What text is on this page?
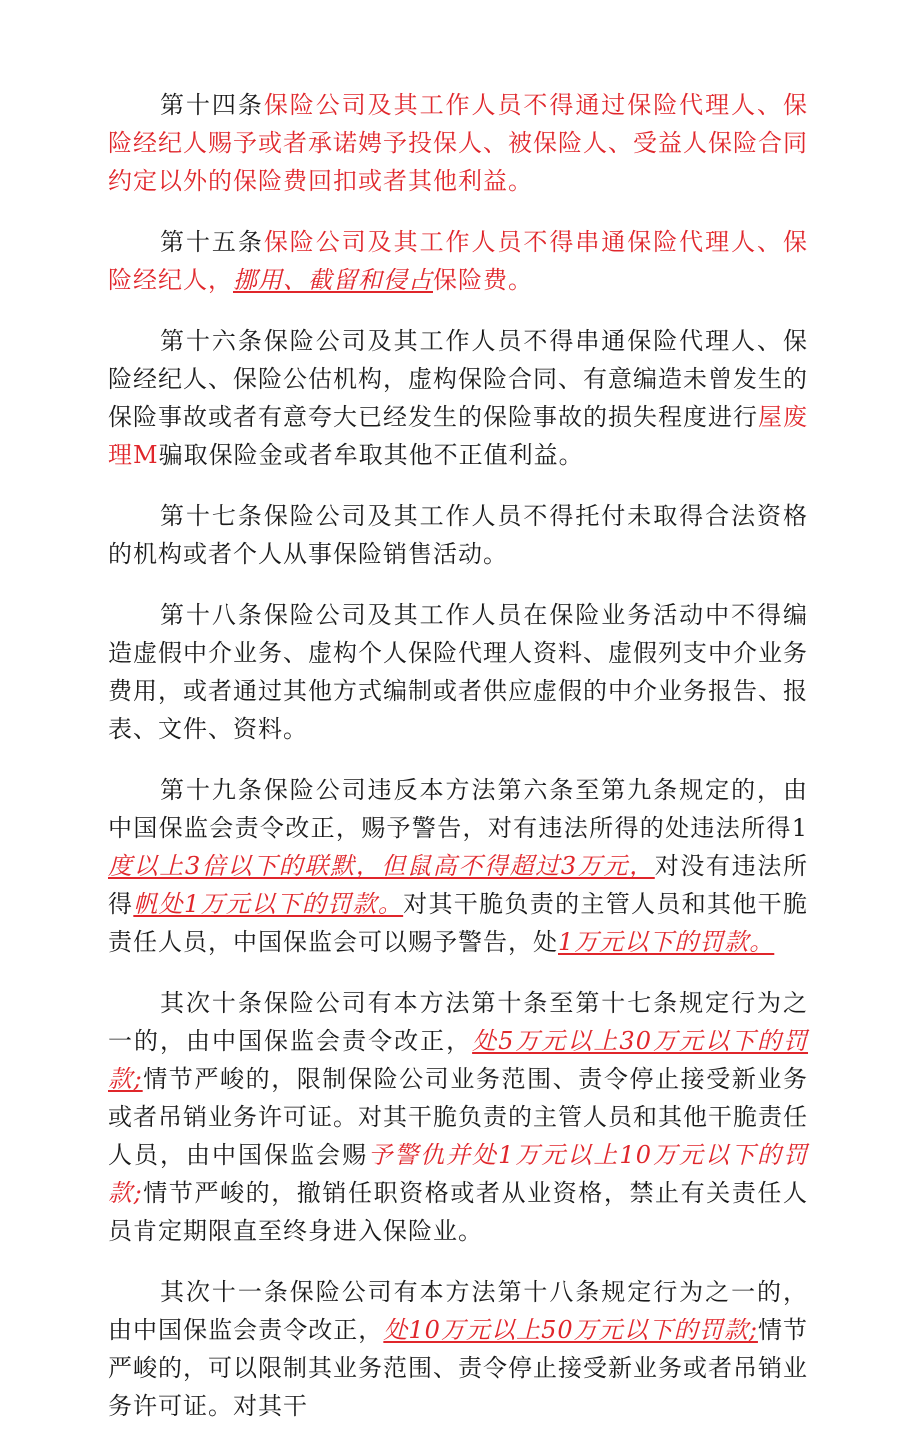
第十四条保险公司及其工作人员不得通过保险代理人、保险经纪人赐予或者承诺娉予投保人、被保险人、受益人保险合同约定以外的保险费回扣或者其他利益。

第十五条保险公司及其工作人员不得串通保险代理人、保险经纪人，挪用、截留和侵占保险费。

第十六条保险公司及其工作人员不得串通保险代理人、保险经纪人、保险公估机构，虚构保险合同、有意编造未曾发生的保险事故或者有意夸大已经发生的保险事故的损失程度进行屋废理M骗取保险金或者牟取其他不正值利益。

第十七条保险公司及其工作人员不得托付未取得合法资格的机构或者个人从事保险销售活动。

第十八条保险公司及其工作人员在保险业务活动中不得编造虚假中介业务、虚构个人保险代理人资料、虚假列支中介业务费用，或者通过其他方式编制或者供应虚假的中介业务报告、报表、文件、资料。

第十九条保险公司违反本方法第六条至第九条规定的，由中国保监会责令改正，赐予警告，对有违法所得的处违法所得1度以上3倍以下的联默，但鼠高不得超过3万元，对没有违法所得帆处1万元以下的罚款。对其干脆负责的主管人员和其他干脆责任人员，中国保监会可以赐予警告，处1万元以下的罚款。

其次十条保险公司有本方法第十条至第十七条规定行为之一的，由中国保监会责令改正，处5万元以上30万元以下的罚款;情节严峻的，限制保险公司业务范围、责令停止接受新业务或者吊销业务许可证。对其干脆负责的主管人员和其他干脆责任人员，由中国保监会赐予警仇并处1万元以上10万元以下的罚款;情节严峻的，撤销任职资格或者从业资格，禁止有关责任人员肯定期限直至终身进入保险业。

其次十一条保险公司有本方法第十八条规定行为之一的，由中国保监会责令改正，处10万元以上50万元以下的罚款;情节严峻的，可以限制其业务范围、责令停止接受新业务或者吊销业务许可证。对其干
